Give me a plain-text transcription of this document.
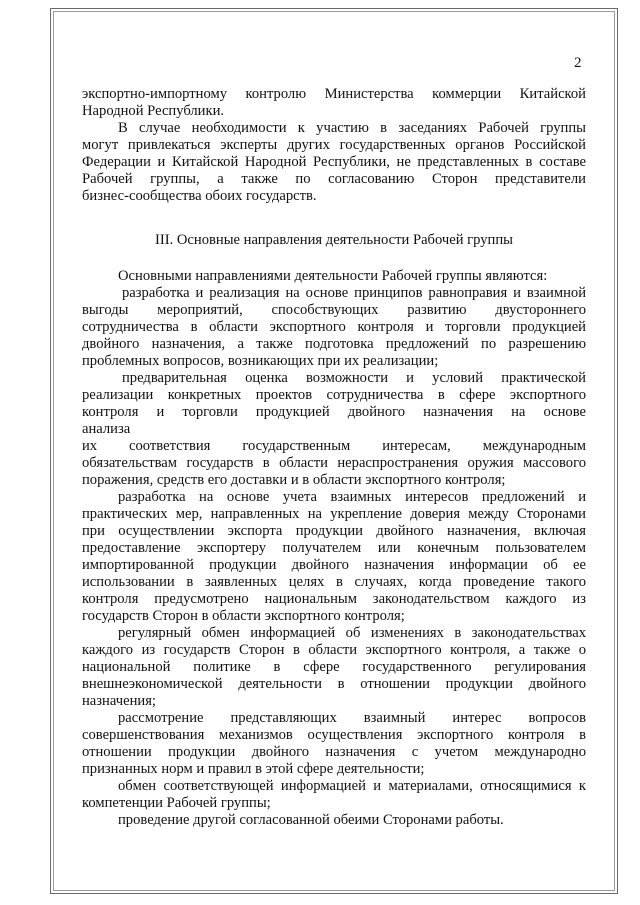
2
экспортно-импортному контролю Министерства коммерции Китайской
Народной Республики.
В случае необходимости к участию в заседаниях Рабочей группы
могут привлекаться эксперты других государственных органов Российской
Федерации и Китайской Народной Республики, не представленных в составе
Рабочей группы, а также по согласованию Сторон представители
бизнес-сообщества обоих государств.
III. Основные направления деятельности Рабочей группы
Основными направлениями деятельности Рабочей группы являются:
разработка и реализация на основе принципов равноправия и взаимной
выгоды мероприятий, способствующих развитию двустороннего
сотрудничества в области экспортного контроля и торговли продукцией
двойного назначения, а также подготовка предложений по разрешению
проблемных вопросов, возникающих при их реализации;
предварительная оценка возможности и условий практической
реализации конкретных проектов сотрудничества в сфере экспортного
контроля и торговли продукцией двойного назначения на основе
анализа
их соответствия государственным интересам, международным
обязательствам государств в области нераспространения оружия массового
поражения, средств его доставки и в области экспортного контроля;
разработка на основе учета взаимных интересов предложений и
практических мер, направленных на укрепление доверия между Сторонами
при осуществлении экспорта продукции двойного назначения, включая
предоставление экспортеру получателем или конечным пользователем
импортированной продукции двойного назначения информации об ее
использовании в заявленных целях в случаях, когда проведение такого
контроля предусмотрено национальным законодательством каждого из
государств Сторон в области экспортного контроля;
регулярный обмен информацией об изменениях в законодательствах
каждого из государств Сторон в области экспортного контроля, а также о
национальной политике в сфере государственного регулирования
внешнеэкономической деятельности в отношении продукции двойного
назначения;
рассмотрение представляющих взаимный интерес вопросов
совершенствования механизмов осуществления экспортного контроля в
отношении продукции двойного назначения с учетом международно
признанных норм и правил в этой сфере деятельности;
обмен соответствующей информацией и материалами, относящимися к
компетенции Рабочей группы;
проведение другой согласованной обеими Сторонами работы.
